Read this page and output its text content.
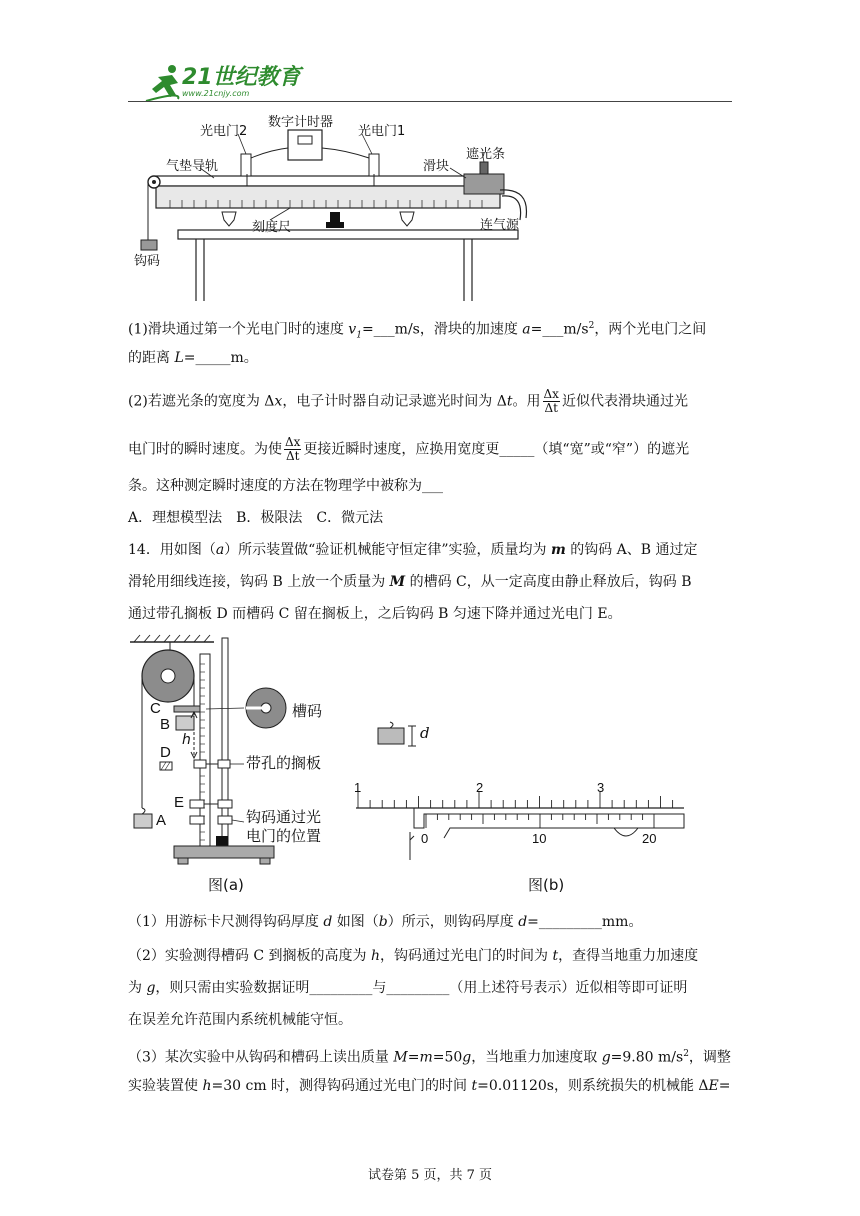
21世纪教育
www.21cnjy.com
光电门2
数字计时器
光电门1
遮光条
气垫导轨	滑块
刻度尺	连气源
钩码
(1)滑块通过第一个光电门时的速度 $v_1=\_\_\_m/s$，滑块的加速度 $a=\_\_\_m/s^2$，两个光电门之间
的距离 L=_____m。
(2)若遮光条的宽度为 Δx，电子计时器自动记录遮光时间为 Δt。用 $\frac{\Delta x}{\Delta t}$ 近似代表滑块通过光
电门时的瞬时速度。为使 $\frac{\Delta x}{\Delta t}$ 更接近瞬时速度，应换用宽度更_____（填“宽”或“窄”）的遮光
条。这种测定瞬时速度的方法在物理学中被称为___
A．理想模型法　B．极限法　C．微元法
14．用如图（a）所示装置做“验证机械能守恒定律”实验，质量均为 m 的钩码 A、B 通过定
滑轮用细线连接，钩码 B 上放一个质量为 M 的槽码 C，从一定高度由静止释放后，钩码 B
通过带孔搁板 D 而槽码 C 留在搁板上，之后钩码 B 匀速下降并通过光电门 E。
C
B
h
D
E
A
槽码
带孔的搁板
钩码通过光
电门的位置
图(a)
d
1	2	3
0	10	20
图(b)
（1）用游标卡尺测得钩码厚度 d 如图（b）所示，则钩码厚度 d=_________mm。
（2）实验测得槽码 C 到搁板的高度为 h，钩码通过光电门的时间为 t，查得当地重力加速度
为 g，则只需由实验数据证明_________与_________（用上述符号表示）近似相等即可证明
在误差允许范围内系统机械能守恒。
（3）某次实验中从钩码和槽码上读出质量 M=m=50g，当地重力加速度取 g=9.80 $m/s^2$，调整
实验装置使 h=30 cm 时，测得钩码通过光电门的时间 t=0.01120s，则系统损失的机械能 ΔE=
试卷第 5 页，共 7 页
